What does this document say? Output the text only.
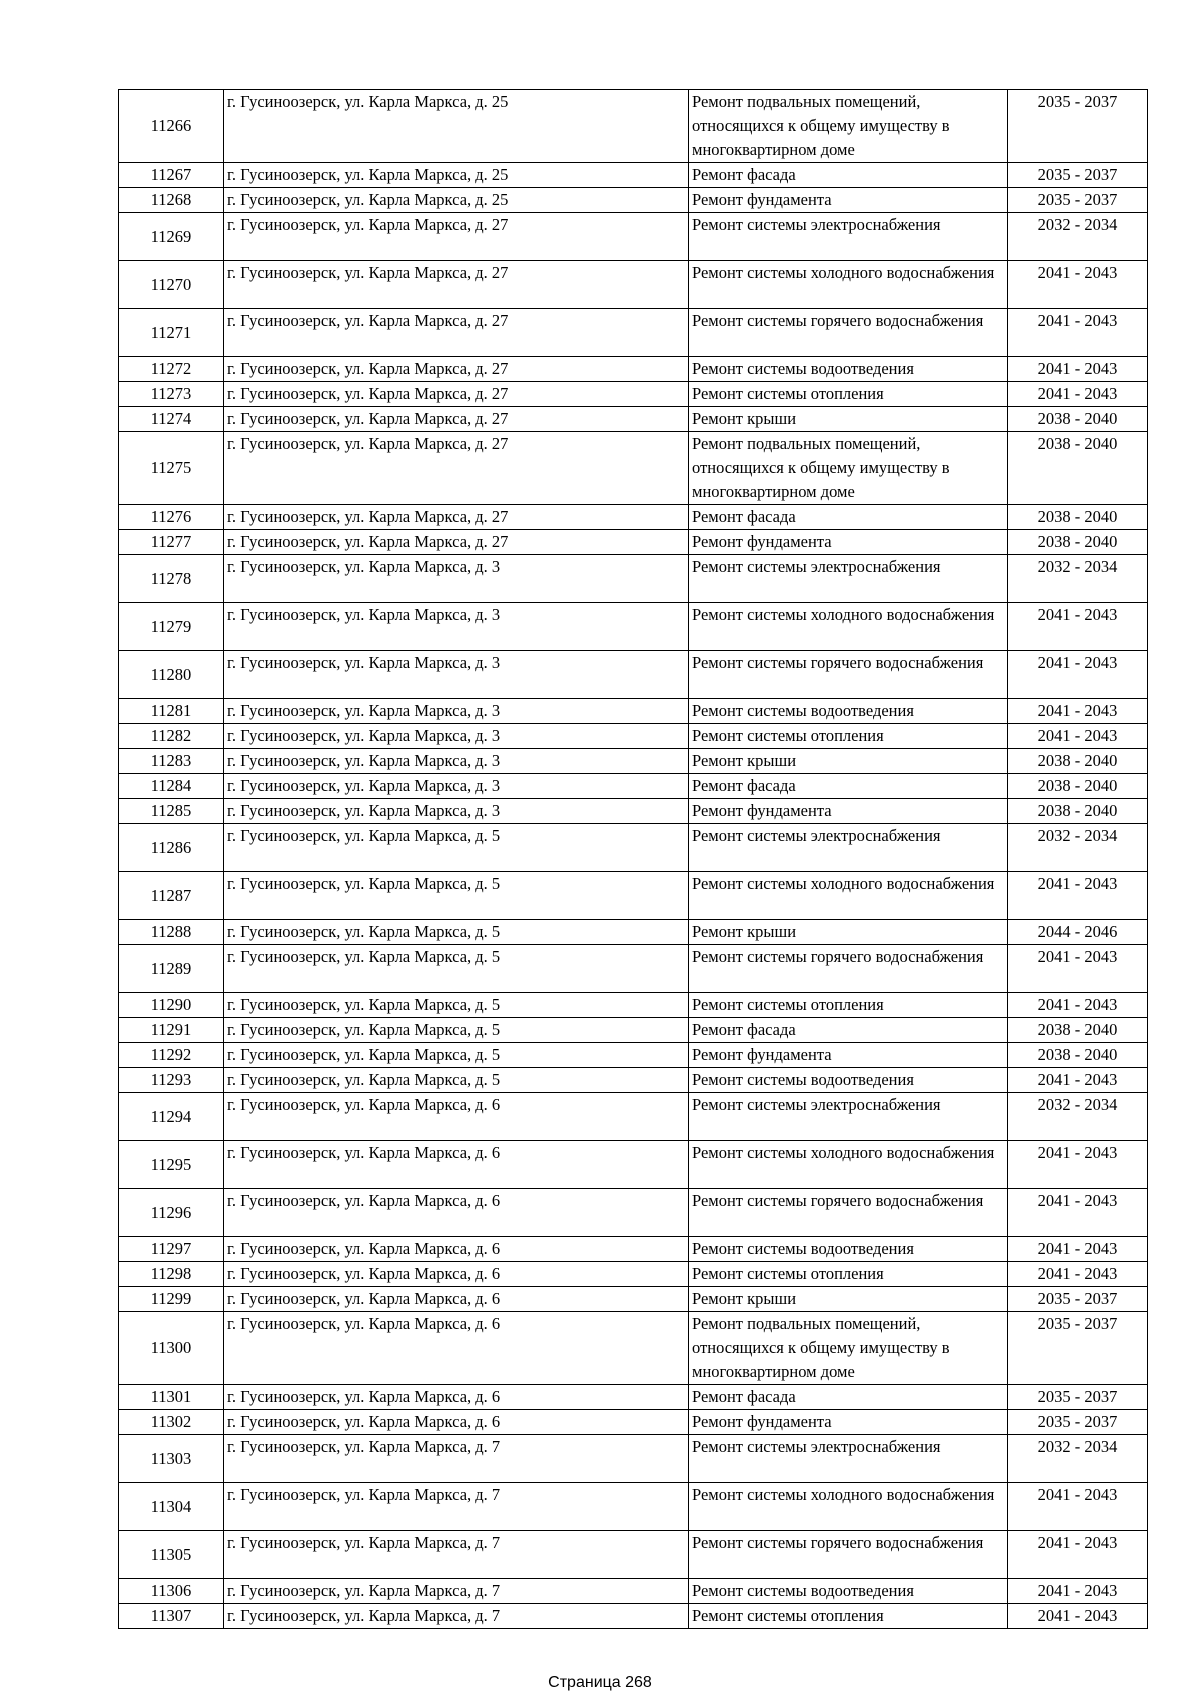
11266	г. Гусиноозерск, ул. Карла Маркса, д. 25	Ремонт подвальных помещений, относящихся к общему имуществу в многоквартирном доме	2035 - 2037
11267	г. Гусиноозерск, ул. Карла Маркса, д. 25	Ремонт фасада	2035 - 2037
11268	г. Гусиноозерск, ул. Карла Маркса, д. 25	Ремонт фундамента	2035 - 2037
11269	г. Гусиноозерск, ул. Карла Маркса, д. 27	Ремонт системы электроснабжения	2032 - 2034
11270	г. Гусиноозерск, ул. Карла Маркса, д. 27	Ремонт системы холодного водоснабжения	2041 - 2043
11271	г. Гусиноозерск, ул. Карла Маркса, д. 27	Ремонт системы горячего водоснабжения	2041 - 2043
11272	г. Гусиноозерск, ул. Карла Маркса, д. 27	Ремонт системы водоотведения	2041 - 2043
11273	г. Гусиноозерск, ул. Карла Маркса, д. 27	Ремонт системы отопления	2041 - 2043
11274	г. Гусиноозерск, ул. Карла Маркса, д. 27	Ремонт крыши	2038 - 2040
11275	г. Гусиноозерск, ул. Карла Маркса, д. 27	Ремонт подвальных помещений, относящихся к общему имуществу в многоквартирном доме	2038 - 2040
11276	г. Гусиноозерск, ул. Карла Маркса, д. 27	Ремонт фасада	2038 - 2040
11277	г. Гусиноозерск, ул. Карла Маркса, д. 27	Ремонт фундамента	2038 - 2040
11278	г. Гусиноозерск, ул. Карла Маркса, д. 3	Ремонт системы электроснабжения	2032 - 2034
11279	г. Гусиноозерск, ул. Карла Маркса, д. 3	Ремонт системы холодного водоснабжения	2041 - 2043
11280	г. Гусиноозерск, ул. Карла Маркса, д. 3	Ремонт системы горячего водоснабжения	2041 - 2043
11281	г. Гусиноозерск, ул. Карла Маркса, д. 3	Ремонт системы водоотведения	2041 - 2043
11282	г. Гусиноозерск, ул. Карла Маркса, д. 3	Ремонт системы отопления	2041 - 2043
11283	г. Гусиноозерск, ул. Карла Маркса, д. 3	Ремонт крыши	2038 - 2040
11284	г. Гусиноозерск, ул. Карла Маркса, д. 3	Ремонт фасада	2038 - 2040
11285	г. Гусиноозерск, ул. Карла Маркса, д. 3	Ремонт фундамента	2038 - 2040
11286	г. Гусиноозерск, ул. Карла Маркса, д. 5	Ремонт системы электроснабжения	2032 - 2034
11287	г. Гусиноозерск, ул. Карла Маркса, д. 5	Ремонт системы холодного водоснабжения	2041 - 2043
11288	г. Гусиноозерск, ул. Карла Маркса, д. 5	Ремонт крыши	2044 - 2046
11289	г. Гусиноозерск, ул. Карла Маркса, д. 5	Ремонт системы горячего водоснабжения	2041 - 2043
11290	г. Гусиноозерск, ул. Карла Маркса, д. 5	Ремонт системы отопления	2041 - 2043
11291	г. Гусиноозерск, ул. Карла Маркса, д. 5	Ремонт фасада	2038 - 2040
11292	г. Гусиноозерск, ул. Карла Маркса, д. 5	Ремонт фундамента	2038 - 2040
11293	г. Гусиноозерск, ул. Карла Маркса, д. 5	Ремонт системы водоотведения	2041 - 2043
11294	г. Гусиноозерск, ул. Карла Маркса, д. 6	Ремонт системы электроснабжения	2032 - 2034
11295	г. Гусиноозерск, ул. Карла Маркса, д. 6	Ремонт системы холодного водоснабжения	2041 - 2043
11296	г. Гусиноозерск, ул. Карла Маркса, д. 6	Ремонт системы горячего водоснабжения	2041 - 2043
11297	г. Гусиноозерск, ул. Карла Маркса, д. 6	Ремонт системы водоотведения	2041 - 2043
11298	г. Гусиноозерск, ул. Карла Маркса, д. 6	Ремонт системы отопления	2041 - 2043
11299	г. Гусиноозерск, ул. Карла Маркса, д. 6	Ремонт крыши	2035 - 2037
11300	г. Гусиноозерск, ул. Карла Маркса, д. 6	Ремонт подвальных помещений, относящихся к общему имуществу в многоквартирном доме	2035 - 2037
11301	г. Гусиноозерск, ул. Карла Маркса, д. 6	Ремонт фасада	2035 - 2037
11302	г. Гусиноозерск, ул. Карла Маркса, д. 6	Ремонт фундамента	2035 - 2037
11303	г. Гусиноозерск, ул. Карла Маркса, д. 7	Ремонт системы электроснабжения	2032 - 2034
11304	г. Гусиноозерск, ул. Карла Маркса, д. 7	Ремонт системы холодного водоснабжения	2041 - 2043
11305	г. Гусиноозерск, ул. Карла Маркса, д. 7	Ремонт системы горячего водоснабжения	2041 - 2043
11306	г. Гусиноозерск, ул. Карла Маркса, д. 7	Ремонт системы водоотведения	2041 - 2043
11307	г. Гусиноозерск, ул. Карла Маркса, д. 7	Ремонт системы отопления	2041 - 2043
Страница 268
